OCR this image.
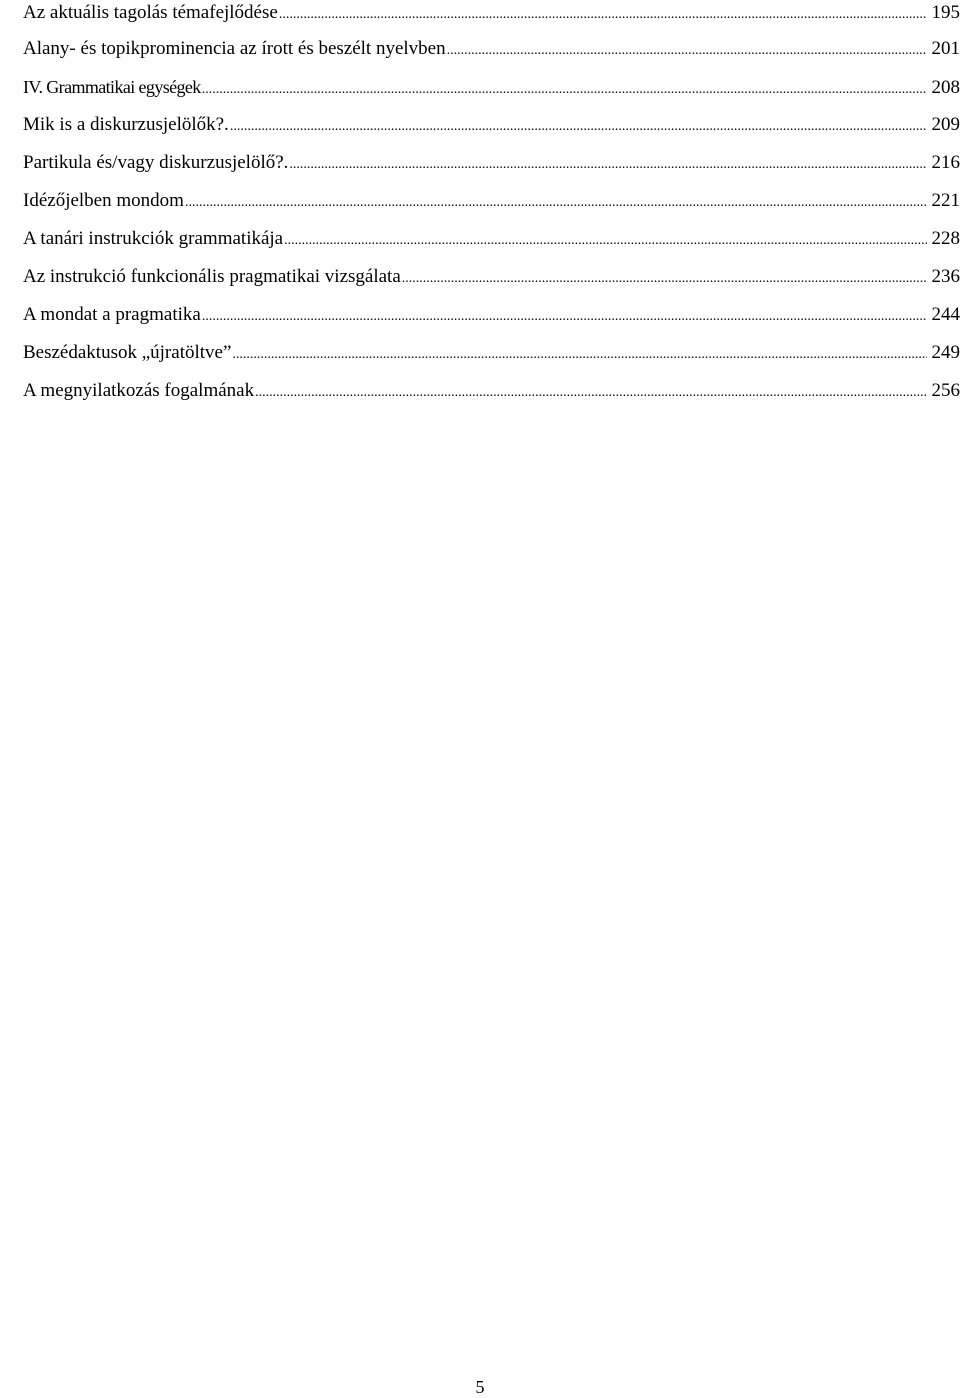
Az aktuális tagolás témafejlődése .....	195
Alany- és topikprominencia az írott és beszélt nyelvben .....	201
IV. Grammatikai egységek .....	208
Mik is a diskurzusjelölők?. .....	209
Partikula és/vagy diskurzusjelölő?. .....	216
Idézőjelben mondom .....	221
A tanári instrukciók grammatikája .....	228
Az instrukció funkcionális pragmatikai vizsgálata .....	236
A mondat a pragmatika .....	244
Beszédaktusok „újratöltve” .....	249
A megnyilatkozás fogalmának .....	256
5
